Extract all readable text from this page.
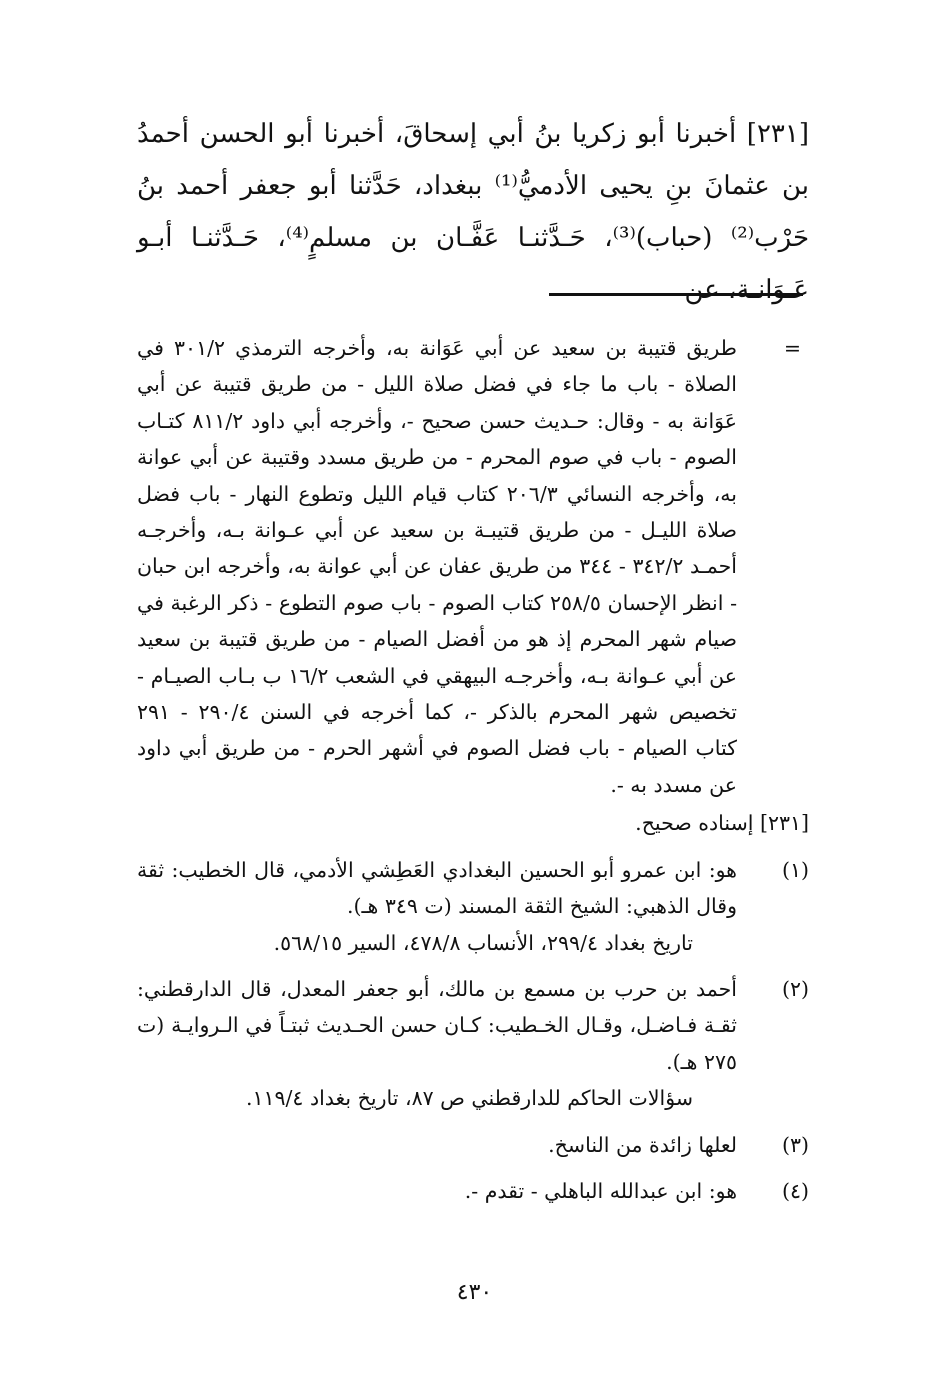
[٢٣١] أخبرنا أبو زكريا بنُ أبي إسحاقَ، أخبرنا أبو الحسن أحمدُ بن عثمانَ بنِ يحيى الأدميُّ⁽¹⁾ ببغداد، حَدَّثنا أبو جعفر أحمد بنُ حَرْب⁽²⁾ (حباب)⁽³⁾، حَـدَّثنـا عَفَّـان بن مسلمٍ⁽⁴⁾، حَـدَّثنـا أبـو عَـوَانـة، عن
=
طريق قتيبة بن سعيد عن أبي عَوَانة به، وأخرجه الترمذي ٣٠١/٢ في الصلاة - باب ما جاء في فضل صلاة الليل - من طريق قتيبة عن أبي عَوَانة به - وقال: حـديث حسن صحيح -، وأخرجه أبي داود ٨١١/٢ كتـاب الصوم - باب في صوم المحرم - من طريق مسدد وقتيبة عن أبي عوانة به، وأخرجه النسائي ٢٠٦/٣ كتاب قيام الليل وتطوع النهار - باب فضل صلاة الليـل - من طريق قتيبـة بن سعيد عن أبي عـوانة بـه، وأخرجـه أحمـد ٣٤٢/٢ - ٣٤٤ من طريق عفان عن أبي عوانة به، وأخرجه ابن حبان - انظر الإحسان ٢٥٨/٥ كتاب الصوم - باب صوم التطوع - ذكر الرغبة في صيام شهر المحرم إذ هو من أفضل الصيام - من طريق قتيبة بن سعيد عن أبي عـوانة بـه، وأخرجـه البيهقي في الشعب ١٦/٢ ب بـاب الصيـام - تخصيص شهر المحرم بالذكر -، كما أخرجه في السنن ٢٩٠/٤ - ٢٩١ كتاب الصيام - باب فضل الصوم في أشهر الحرم - من طريق أبي داود عن مسدد به -.
[٢٣١] إسناده صحيح.
(١)
هو: ابن عمرو أبو الحسين البغدادي العَطِشي الأدمي، قال الخطيب: ثقة وقال الذهبي: الشيخ الثقة المسند (ت ٣٤٩ هـ).
تاريخ بغداد ٢٩٩/٤، الأنساب ٤٧٨/٨، السير ٥٦٨/١٥.
(٢)
أحمد بن حرب بن مسمع بن مالك، أبو جعفر المعدل، قال الدارقطني: ثقـة فـاضـل، وقـال الخـطيب: كـان حسن الحـديث ثبتـاً في الـروايـة (ت ٢٧٥ هـ).
سؤالات الحاكم للدارقطني ص ٨٧، تاريخ بغداد ١١٩/٤.
(٣)
لعلها زائدة من الناسخ.
(٤)
هو: ابن عبدالله الباهلي - تقدم -.
٤٣٠
